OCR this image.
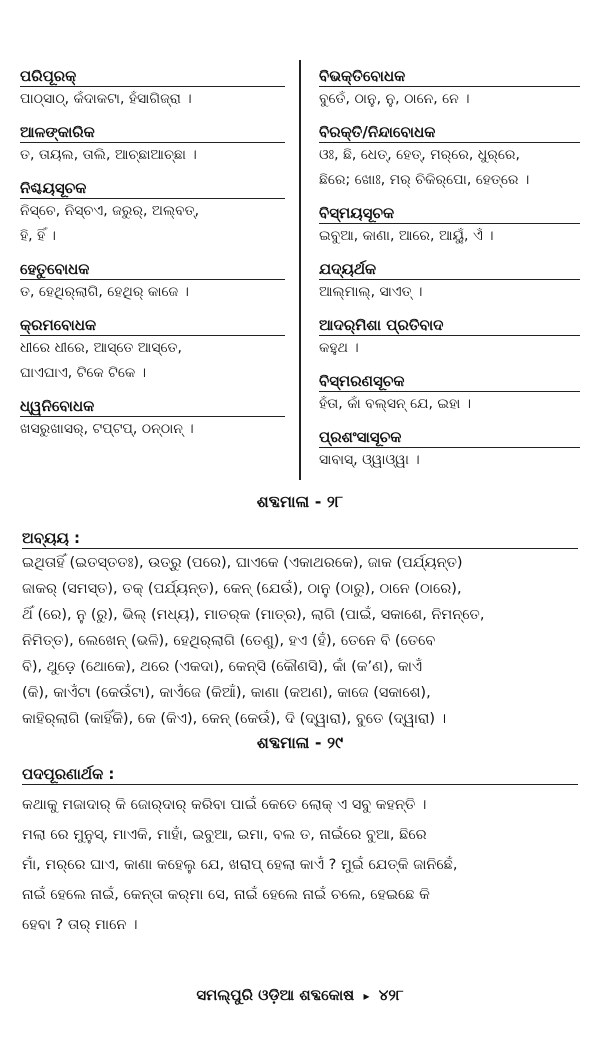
ପରିପୂରକ୍
ପାଠ୍‌ସାଠ୍, କଁଦାକଟା, ହଁସାଗିଜ୍‌ରା ।
ଆଳଙ୍କାରିକ
ତ, ତାୟଲ, ତାଲି, ଆଚ୍ଛାଆଚ୍ଛା ।
ନିଶ୍ଚୟସୂଚକ
ନିସ୍‌ଚେ, ନିସ୍‌ଚଏ, ଜରୁର୍, ଅଲ୍‌ବତ୍,
ହି, ହିଁ ।
ହେତୁବୋଧକ
ତ, ହେଥିର୍‌ଲାଗି, ହେଥିର୍ କାଜେ ।
କ୍ରମବୋଧକ
ଧୀରେ ଧୀରେ, ଆସ୍‌ତେ ଆସ୍‌ତେ,
ଘାଏଘାଏ, ଟିକେ ଟିକେ ।
ଧ୍ୱନିବୋଧକ
ଖସରୁଖାସର୍, ଟପ୍‌ଟପ୍, ଠନ୍‌ଠାନ୍ ।
ବିଭକ୍ତିବୋଧକ
ବୁତେଁ, ଠାନୁ, ନୁ, ଠାନେ, ନେ ।
ବିରକ୍ତି/ନିନ୍ଦାବୋଧକ
ଓଃ, ଛି, ଧେତ୍, ହେତ୍, ମର୍‌ରେ, ଧୁର୍‌ରେ,
ଛିରେ; ଖୋଃ, ମର୍ ଚିକିର୍‌ପୋ, ହେତ୍‌ରେ ।
ବିସ୍ମୟସୂଚକ
ଇବୁଆ, କାଣା, ଆରେ, ଆୟୁଁ, ଏଁ ।
ଯଦ୍ୟର୍ଥକ
ଆଲ୍‌ମାଲ୍, ସାଏତ୍ ।
ଆଦର୍‌ମିଶା ପ୍ରତିବାଦ
କହୁଥ ।
ବିସ୍ମରଣସୂଚକ
ହଁତା, କାଁ ବଲ୍‌ସନ୍ ଯେ, ଇହା ।
ପ୍ରଶଂସାସୂଚକ
ସାବାସ୍, ଓ୍ୱାଓ୍ୱା ।
ଶବ୍ଦମାଳା - ୨୮
ଅବ୍ୟୟ :
ଇଥିତାହିଁ (ଇତସ୍ତତଃ), ଉତ୍ରୁ (ପରେ), ଘାଏକେ (ଏକାଥରକେ), ଜାକ (ପର୍ଯ୍ୟନ୍ତ)
ଜାକର୍ (ସମସ୍ତ), ତକ୍ (ପର୍ଯ୍ୟନ୍ତ), କେନ୍ (ଯେଉଁ), ଠାନୁ (ଠାରୁ), ଠାନେ (ଠାରେ),
ଥିଁ (ରେ), ନୁ (ରୁ), ଭିଲ୍ (ମଧ୍ୟ), ମାତର୍‌କ (ମାତ୍ର), ଲାଗି (ପାଇଁ, ସକାଶେ, ନିମନ୍ତେ,
ନିମିତ୍ତ), ଲେଖେନ୍ (ଭଳି), ହେଥିର୍‌ଲାଗି (ତେଣୁ), ହଏ (ହଁ), ତେନେ ବି (ତେବେ
ବି), ଥୁଡ଼େ (ଥୋକେ), ଥରେ (ଏକଦା), କେନ୍‌ସି (କୌଣସି), କାଁ (କ’ଣ), କାଏଁ
(କି), କାଏଁଟା (କେଉଁଟା), କାଏଁଜେ (କିଆଁ), କାଣା (କଅଣ), କାଜେ (ସକାଶେ),
କାହିର୍‌ଲାଗି (କାହିଁକି), କେ (କିଏ), କେନ୍ (କେଉଁ), ଦି (ଦ୍ୱାରା), ବୁତେ (ଦ୍ୱାରା) ।
ଶବ୍ଦମାଳା - ୨୯
ପଦପୂରଣାର୍ଥକ :
କଥାକୁ ମଜାଦାର୍ କି ଜୋର୍‌ଦାର୍ କରିବା ପାଇଁ କେତେ ଲୋକ୍ ଏ ସବୁ କହନ୍ତି ।
ମଲା ରେ ମୁନୁସ୍, ମାଏକି, ମାହାଁ, ଇବୁଆ, ଇମା, ବଲ ତ, ନାଇଁରେ ବୁଆ, ଛିରେ
ମାଁ, ମର୍‌ରେ ଘାଏ, କାଣା କହେଲୁ ଯେ, ଖରାପ୍ ହେଲା କାଏଁ ? ମୁଇଁ ଯେତ୍‌କି ଜାନିଛେଁ,
ନାଇଁ ହେଲେ ନାଇଁ, କେନ୍‌ତା କର୍‌ମା ସେ, ନାଇଁ ହେଲେ ନାଇଁ ଚଲେ, ହେଇଛେ କି
ହେବା ? ତାର୍ ମାନେ ।
ସମଲ୍‌ପୁରି ଓଡ଼ିଆ ଶବ୍ଦକୋଷ ▸ ୪୨୮
